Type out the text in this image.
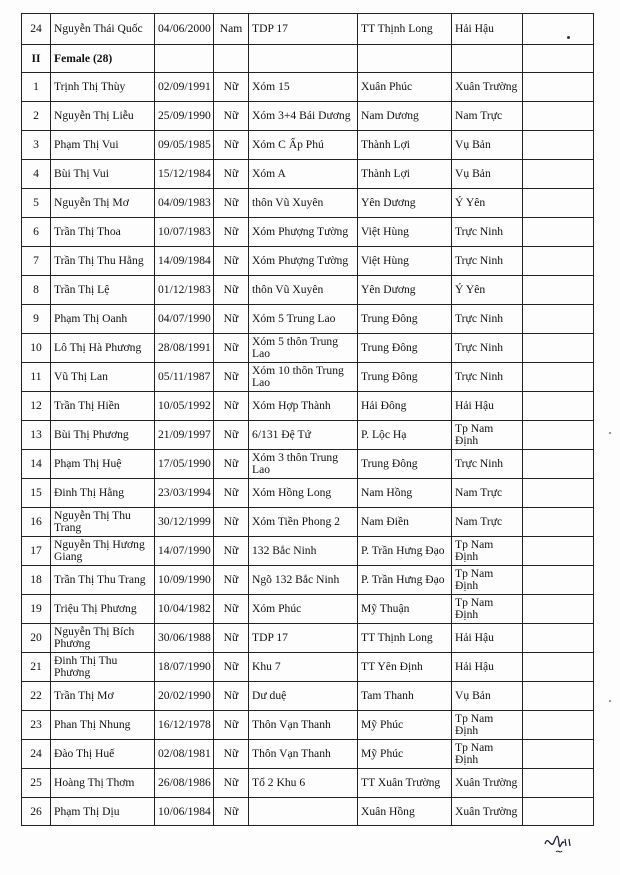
24	Nguyễn Thái Quốc	04/06/2000	Nam	TDP 17	TT Thịnh Long	Hải Hậu	
II	Female (28)						
1	Trịnh Thị Thùy	02/09/1991	Nữ	Xóm 15	Xuân Phúc	Xuân Trường	
2	Nguyễn Thị Liễu	25/09/1990	Nữ	Xóm 3+4 Bái Dương	Nam Dương	Nam Trực	
3	Phạm Thị Vui	09/05/1985	Nữ	Xóm C Ấp Phú	Thành Lợi	Vụ Bản	
4	Bùi Thị Vui	15/12/1984	Nữ	Xóm A	Thành Lợi	Vụ Bản	
5	Nguyễn Thị Mơ	04/09/1983	Nữ	thôn Vũ Xuyên	Yên Dương	Ý Yên	
6	Trần Thị Thoa	10/07/1983	Nữ	Xóm Phượng Tường	Việt Hùng	Trực Ninh	
7	Trần Thị Thu Hằng	14/09/1984	Nữ	Xóm Phượng Tường	Việt Hùng	Trực Ninh	
8	Trần Thị Lệ	01/12/1983	Nữ	thôn Vũ Xuyên	Yên Dương	Ý Yên	
9	Phạm Thị Oanh	04/07/1990	Nữ	Xóm 5 Trung Lao	Trung Đông	Trực Ninh	
10	Lô Thị Hà Phương	28/08/1991	Nữ	Xóm 5 thôn Trung Lao	Trung Đông	Trực Ninh	
11	Vũ Thị Lan	05/11/1987	Nữ	Xóm 10 thôn Trung Lao	Trung Đông	Trực Ninh	
12	Trần Thị Hiền	10/05/1992	Nữ	Xóm Hợp Thành	Hải Đông	Hải Hậu	
13	Bùi Thị Phương	21/09/1997	Nữ	6/131 Đệ Tứ	P. Lộc Hạ	Tp Nam Định	
14	Phạm Thị Huệ	17/05/1990	Nữ	Xóm 3 thôn Trung Lao	Trung Đông	Trực Ninh	
15	Đinh Thị Hằng	23/03/1994	Nữ	Xóm Hồng Long	Nam Hồng	Nam Trực	
16	Nguyễn Thị Thu Trang	30/12/1999	Nữ	Xóm Tiền Phong 2	Nam Điền	Nam Trực	
17	Nguyễn Thị Hương Giang	14/07/1990	Nữ	132 Bắc Ninh	P. Trần Hưng Đạo	Tp Nam Định	
18	Trần Thị Thu Trang	10/09/1990	Nữ	Ngõ 132 Bắc Ninh	P. Trần Hưng Đạo	Tp Nam Định	
19	Triệu Thị Phương	10/04/1982	Nữ	Xóm Phúc	Mỹ Thuận	Tp Nam Định	
20	Nguyễn Thị Bích Phương	30/06/1988	Nữ	TDP 17	TT Thịnh Long	Hải Hậu	
21	Đinh Thị Thu Phương	18/07/1990	Nữ	Khu 7	TT Yên Định	Hải Hậu	
22	Trần Thị Mơ	20/02/1990	Nữ	Dư duệ	Tam Thanh	Vụ Bản	
23	Phan Thị Nhung	16/12/1978	Nữ	Thôn Vạn Thanh	Mỹ Phúc	Tp Nam Định	
24	Đào Thị Huế	02/08/1981	Nữ	Thôn Vạn Thanh	Mỹ Phúc	Tp Nam Định	
25	Hoàng Thị Thơm	26/08/1986	Nữ	Tổ 2 Khu 6	TT Xuân Trường	Xuân Trường	
26	Phạm Thị Dịu	10/06/1984	Nữ		Xuân Hồng	Xuân Trường	
